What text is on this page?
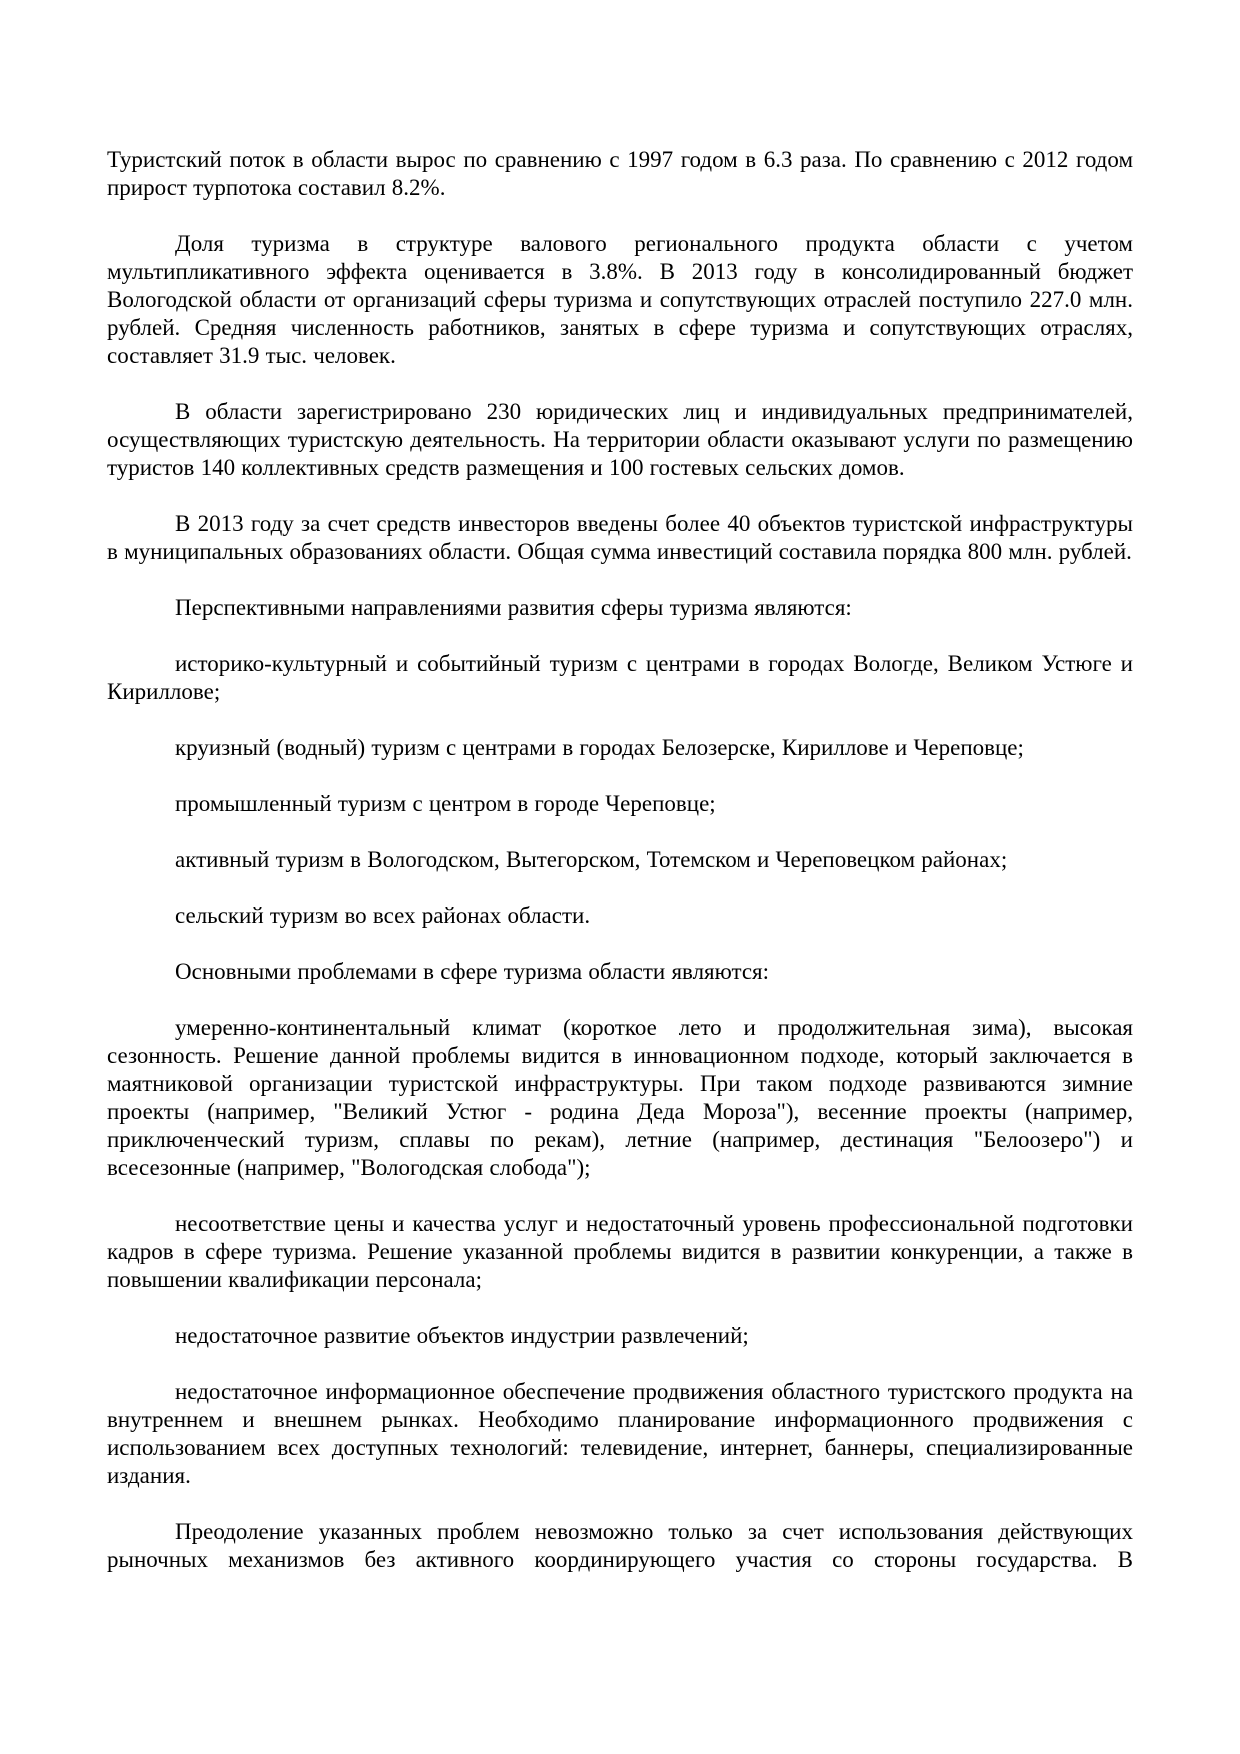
Туристский поток в области вырос по сравнению с 1997 годом в 6.3 раза. По сравнению с 2012 годом прирост турпотока составил 8.2%.

Доля туризма в структуре валового регионального продукта области с учетом мультипликативного эффекта оценивается в 3.8%. В 2013 году в консолидированный бюджет Вологодской области от организаций сферы туризма и сопутствующих отраслей поступило 227.0 млн. рублей. Средняя численность работников, занятых в сфере туризма и сопутствующих отраслях, составляет 31.9 тыс. человек.

В области зарегистрировано 230 юридических лиц и индивидуальных предпринимателей, осуществляющих туристскую деятельность. На территории области оказывают услуги по размещению туристов 140 коллективных средств размещения и 100 гостевых сельских домов.

В 2013 году за счет средств инвесторов введены более 40 объектов туристской инфраструктуры в муниципальных образованиях области. Общая сумма инвестиций составила порядка 800 млн. рублей.

Перспективными направлениями развития сферы туризма являются:

историко-культурный и событийный туризм с центрами в городах Вологде, Великом Устюге и Кириллове;

круизный (водный) туризм с центрами в городах Белозерске, Кириллове и Череповце;

промышленный туризм с центром в городе Череповце;

активный туризм в Вологодском, Вытегорском, Тотемском и Череповецком районах;

сельский туризм во всех районах области.

Основными проблемами в сфере туризма области являются:

умеренно-континентальный климат (короткое лето и продолжительная зима), высокая сезонность. Решение данной проблемы видится в инновационном подходе, который заключается в маятниковой организации туристской инфраструктуры. При таком подходе развиваются зимние проекты (например, "Великий Устюг - родина Деда Мороза"), весенние проекты (например, приключенческий туризм, сплавы по рекам), летние (например, дестинация "Белоозеро") и всесезонные (например, "Вологодская слобода");

несоответствие цены и качества услуг и недостаточный уровень профессиональной подготовки кадров в сфере туризма. Решение указанной проблемы видится в развитии конкуренции, а также в повышении квалификации персонала;

недостаточное развитие объектов индустрии развлечений;

недостаточное информационное обеспечение продвижения областного туристского продукта на внутреннем и внешнем рынках. Необходимо планирование информационного продвижения с использованием всех доступных технологий: телевидение, интернет, баннеры, специализированные издания.

Преодоление указанных проблем невозможно только за счет использования действующих рыночных механизмов без активного координирующего участия со стороны государства. В
